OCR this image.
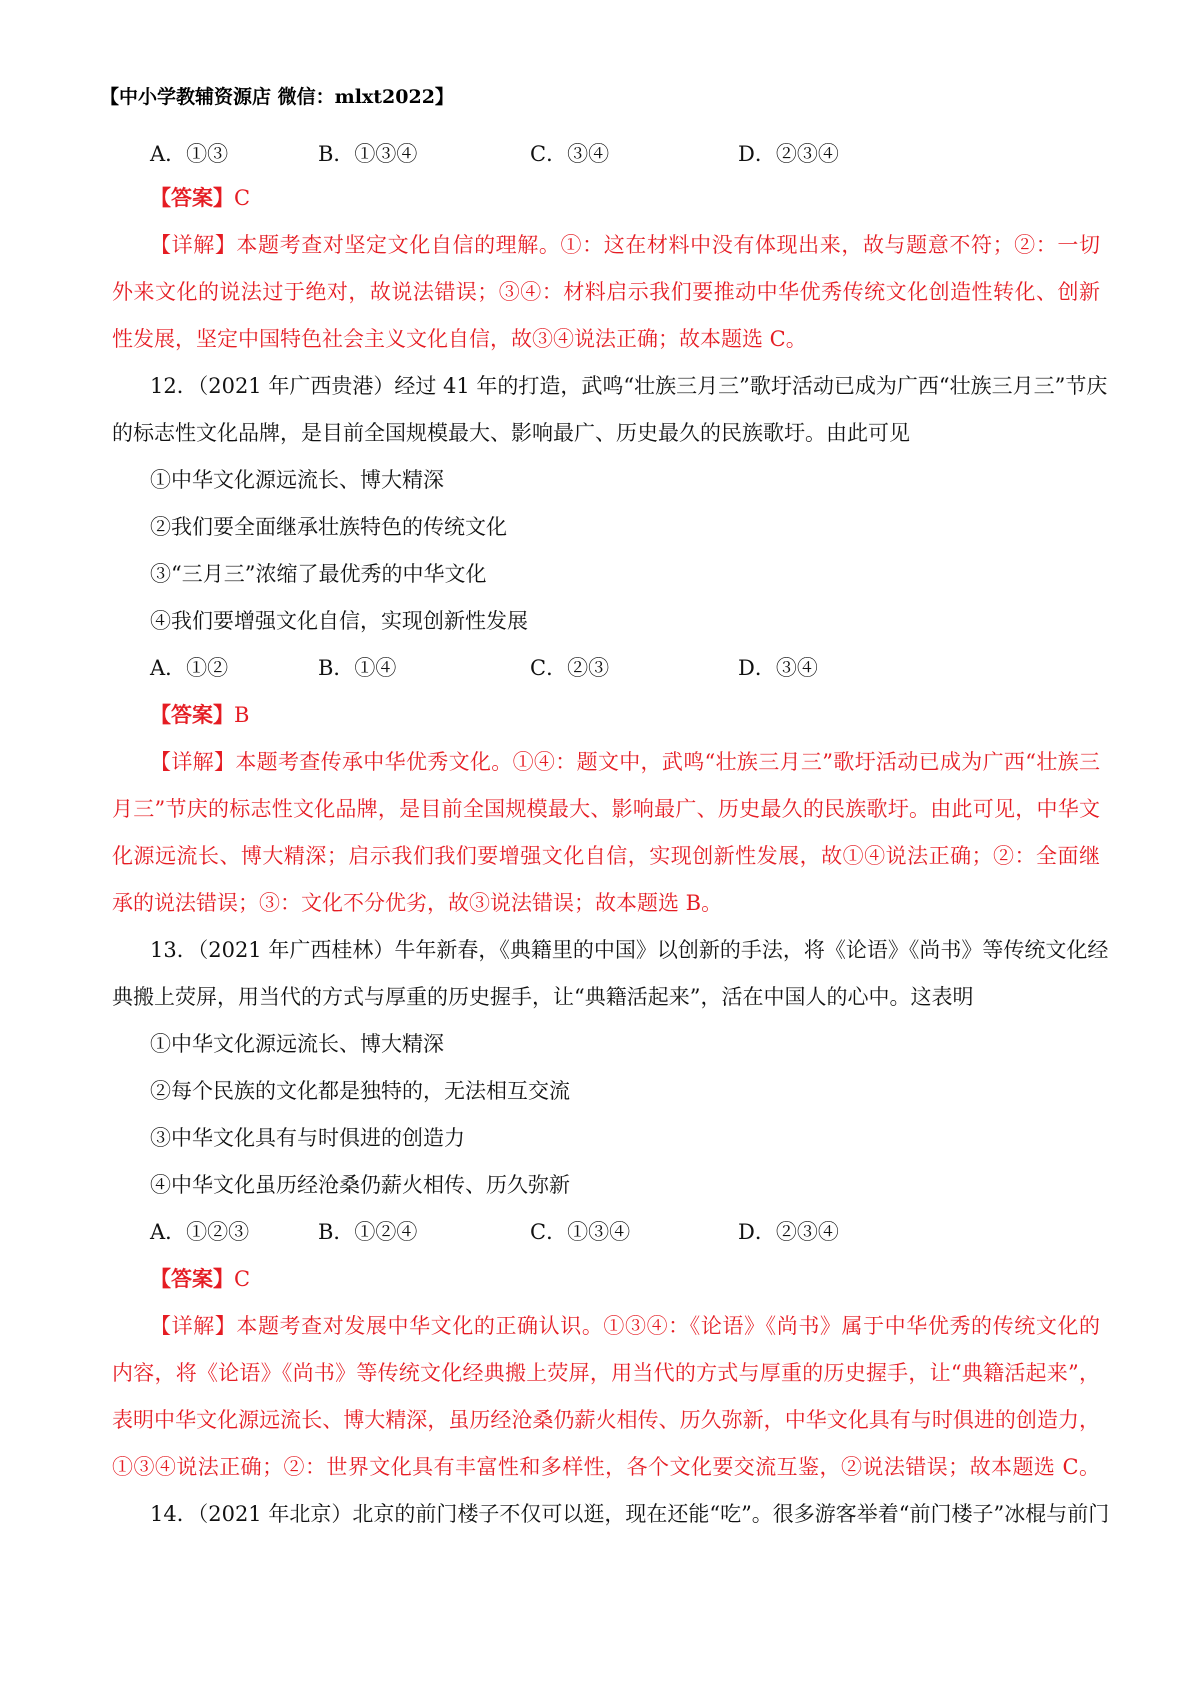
【中小学教辅资源店 微信：mlxt2022】
A．①③	B．①③④	C．③④	D．②③④
【答案】C
【详解】本题考查对坚定文化自信的理解。①：这在材料中没有体现出来，故与题意不符；②：一切
外来文化的说法过于绝对，故说法错误；③④：材料启示我们要推动中华优秀传统文化创造性转化、创新
性发展，坚定中国特色社会主义文化自信，故③④说法正确；故本题选 C。
12．（2021 年广西贵港）经过 41 年的打造，武鸣“壮族三月三”歌圩活动已成为广西“壮族三月三”节庆
的标志性文化品牌，是目前全国规模最大、影响最广、历史最久的民族歌圩。由此可见
①中华文化源远流长、博大精深
②我们要全面继承壮族特色的传统文化
③“三月三”浓缩了最优秀的中华文化
④我们要增强文化自信，实现创新性发展
A．①②	B．①④	C．②③	D．③④
【答案】B
【详解】本题考查传承中华优秀文化。①④：题文中，武鸣“壮族三月三”歌圩活动已成为广西“壮族三
月三”节庆的标志性文化品牌，是目前全国规模最大、影响最广、历史最久的民族歌圩。由此可见，中华文
化源远流长、博大精深；启示我们我们要增强文化自信，实现创新性发展，故①④说法正确；②：全面继
承的说法错误；③：文化不分优劣，故③说法错误；故本题选 B。
13．（2021 年广西桂林）牛年新春，《典籍里的中国》以创新的手法，将《论语》《尚书》等传统文化经
典搬上荧屏，用当代的方式与厚重的历史握手，让“典籍活起来”，活在中国人的心中。这表明
①中华文化源远流长、博大精深
②每个民族的文化都是独特的，无法相互交流
③中华文化具有与时俱进的创造力
④中华文化虽历经沧桑仍薪火相传、历久弥新
A．①②③	B．①②④	C．①③④	D．②③④
【答案】C
【详解】本题考查对发展中华文化的正确认识。①③④：《论语》《尚书》属于中华优秀的传统文化的
内容，将《论语》《尚书》等传统文化经典搬上荧屏，用当代的方式与厚重的历史握手，让“典籍活起来”，
表明中华文化源远流长、博大精深，虽历经沧桑仍薪火相传、历久弥新，中华文化具有与时俱进的创造力，
①③④说法正确；②：世界文化具有丰富性和多样性，各个文化要交流互鉴，②说法错误；故本题选 C。
14．（2021 年北京）北京的前门楼子不仅可以逛，现在还能“吃”。很多游客举着“前门楼子”冰棍与前门
